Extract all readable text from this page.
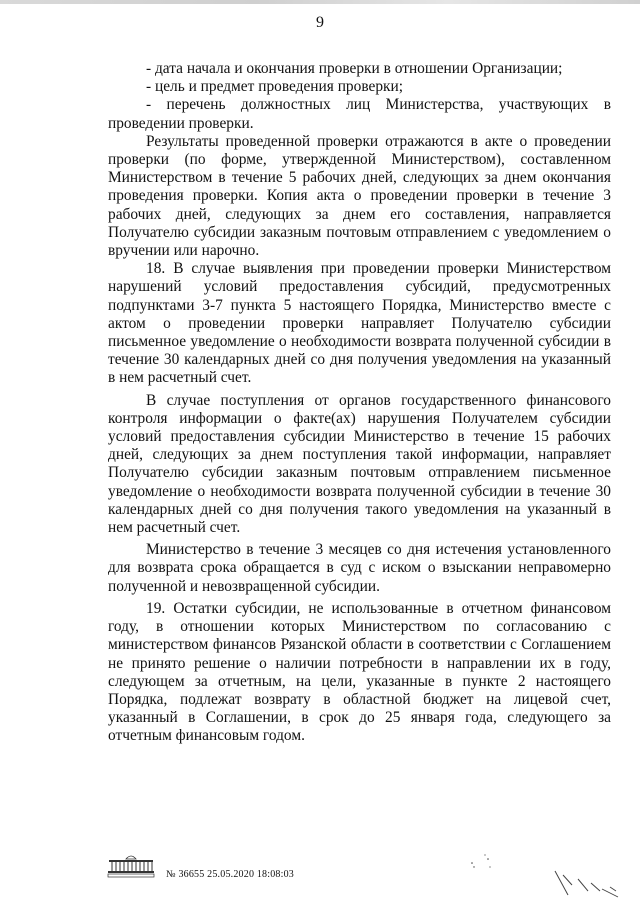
9

- дата начала и окончания проверки в отношении Организации;

- цель и предмет проведения проверки;

- перечень должностных лиц Министерства, участвующих в проведении проверки.

Результаты проведенной проверки отражаются в акте о проведении проверки (по форме, утвержденной Министерством), составленном Министерством в течение 5 рабочих дней, следующих за днем окончания проведения проверки. Копия акта о проведении проверки в течение 3 рабочих дней, следующих за днем его составления, направляется Получателю субсидии заказным почтовым отправлением с уведомлением о вручении или нарочно.

18. В случае выявления при проведении проверки Министерством нарушений условий предоставления субсидий, предусмотренных подпунктами 3-7 пункта 5 настоящего Порядка, Министерство вместе с актом о проведении проверки направляет Получателю субсидии письменное уведомление о необходимости возврата полученной субсидии в течение 30 календарных дней со дня получения уведомления на указанный в нем расчетный счет.

В случае поступления от органов государственного финансового контроля информации о факте(ах) нарушения Получателем субсидии условий предоставления субсидии Министерство в течение 15 рабочих дней, следующих за днем поступления такой информации, направляет Получателю субсидии заказным почтовым отправлением письменное уведомление о необходимости возврата полученной субсидии в течение 30 календарных дней со дня получения такого уведомления на указанный в нем расчетный счет.

Министерство в течение 3 месяцев со дня истечения установленного для возврата срока обращается в суд с иском о взыскании неправомерно полученной и невозвращенной субсидии.

19. Остатки субсидии, не использованные в отчетном финансовом году, в отношении которых Министерством по согласованию с министерством финансов Рязанской области в соответствии с Соглашением не принято решение о наличии потребности в направлении их в году, следующем за отчетным, на цели, указанные в пункте 2 настоящего Порядка, подлежат возврату в областной бюджет на лицевой счет, указанный в Соглашении, в срок до 25 января года, следующего за отчетным финансовым годом.

№ 36655 25.05.2020 18:08:03
